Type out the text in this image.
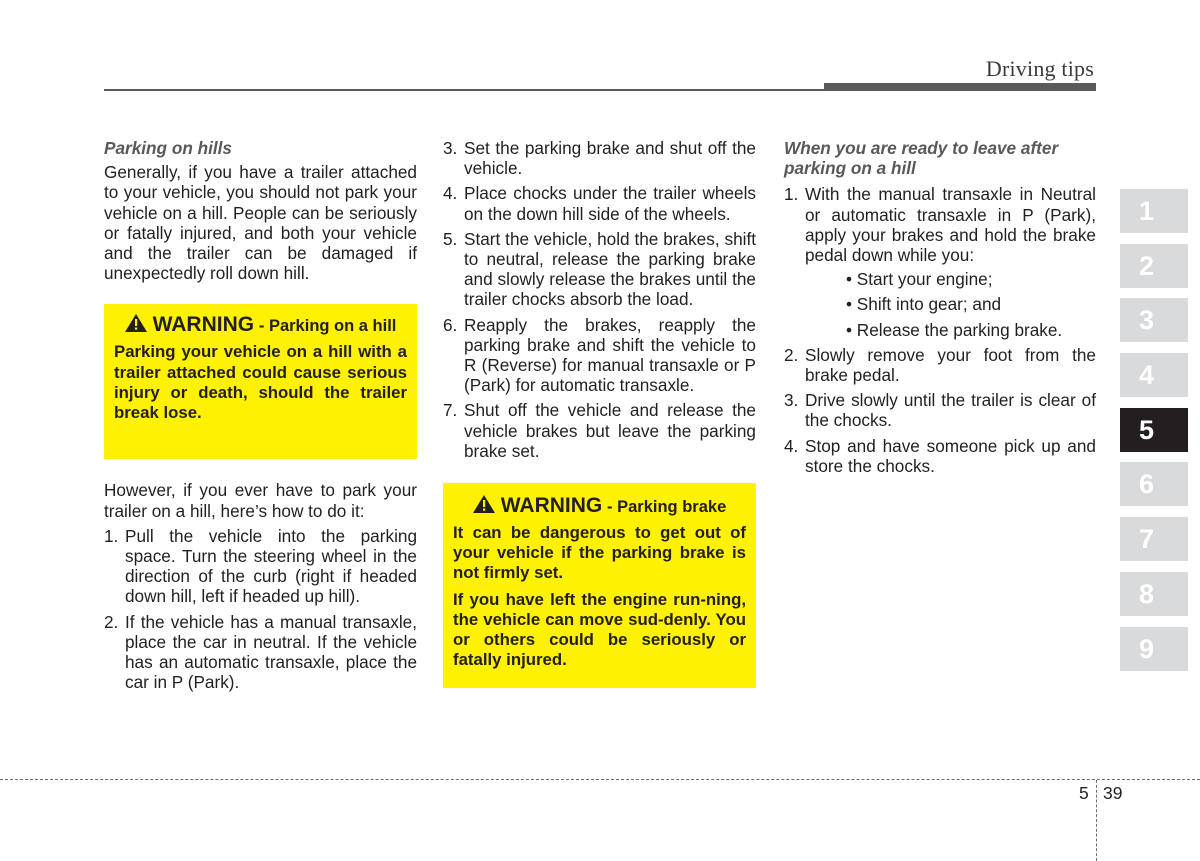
Driving tips

Parking on hills

Generally, if you have a trailer attached to your vehicle, you should not park your vehicle on a hill. People can be seriously or fatally injured, and both your vehicle and the trailer can be damaged if unexpectedly roll down hill.

WARNING - Parking on a hill

Parking your vehicle on a hill with a trailer attached could cause serious injury or death, should the trailer break lose.

However, if you ever have to park your trailer on a hill, here’s how to do it:

1. Pull the vehicle into the parking space. Turn the steering wheel in the direction of the curb (right if headed down hill, left if headed up hill).
2. If the vehicle has a manual transaxle, place the car in neutral. If the vehicle has an automatic transaxle, place the car in P (Park).
3. Set the parking brake and shut off the vehicle.
4. Place chocks under the trailer wheels on the down hill side of the wheels.
5. Start the vehicle, hold the brakes, shift to neutral, release the parking brake and slowly release the brakes until the trailer chocks absorb the load.
6. Reapply the brakes, reapply the parking brake and shift the vehicle to R (Reverse) for manual transaxle or P (Park) for automatic transaxle.
7. Shut off the vehicle and release the vehicle brakes but leave the parking brake set.
WARNING - Parking brake

It can be dangerous to get out of your vehicle if the parking brake is not firmly set.

If you have left the engine run-ning, the vehicle can move sud-denly. You or others could be seriously or fatally injured.

When you are ready to leave after parking on a hill

1. With the manual transaxle in Neutral or automatic transaxle in P (Park), apply your brakes and hold the brake pedal down while you:
• Start your engine;
• Shift into gear; and
• Release the parking brake.
2. Slowly remove your foot from the brake pedal.
3. Drive slowly until the trailer is clear of the chocks.
4. Stop and have someone pick up and store the chocks.
1
2
3
4
5
6
7
8
9
5 39
